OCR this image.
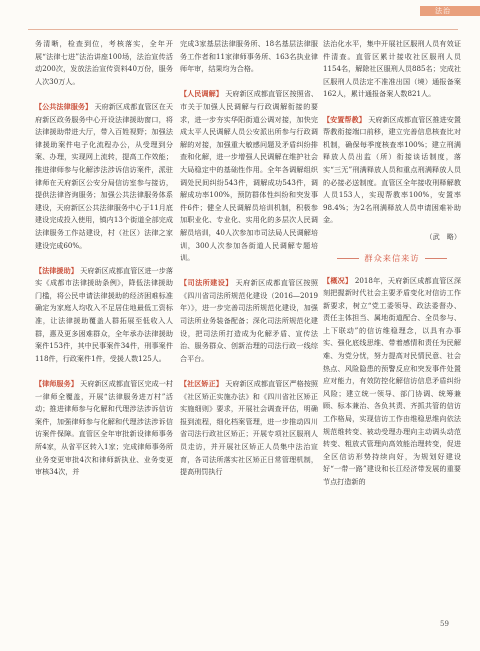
法治

务清晰，检查到位，考核落实，全年开展“法律七进”法治讲座100场，法治宣传活动200次，发放法治宣传资料40万份，服务人次30万人。

【公共法律服务】 天府新区成都直管区在天府新区政务服务中心开设法律援助窗口，将法律援助带进大厅，带入百姓视野；加强法律援助案件电子化流程办公，从受理到分案、办理，实现网上流转，提高工作效能；推进律师参与化解涉法涉诉信访案件，派驻律师在天府新区公安分局信访室参与接访，提供法律咨询服务；加强公共法律服务体系建设，天府新区公共法律服务中心于11月底建设完成投入使用，镇内13个街道全部完成法律服务工作站建设，村（社区）法律之家建设完成60%。

【法律援助】 天府新区成都直管区进一步落实《成都市法律援助条例》，降低法律援助门槛，将公民申请法律援助的经济困难标准确定为家庭人均收入不足居住地最低工资标准，让法律援助覆盖人群拓展至低收入人群，惠及更多困难群众，全年承办法律援助案件153件，其中民事案件34件，刑事案件118件，行政案件1件，受援人数125人。

【律师服务】 天府新区成都直管区完成一村一律师全覆盖，开展“法律服务进万村”活动；推进律师参与化解和代理涉法涉诉信访案件，加强律师参与化解和代理涉法涉诉信访案件保障。直管区全年审批新设律师事务所4家，从省平区转入1家；完成律师事务所业务变更审批4次和律师新执业、业务变更审核34次，并

完成3家基层法律服务所、18名基层法律服务工作者和11家律师事务所、163名执业律师年审，结果均为合格。

【人民调解】 天府新区成都直管区按照省、市关于加强人民调解与行政调解衔接的要求，进一步夯实华阳街道公调对接，加快完成太平人民调解人员公安派出所参与行政调解的对接，加强重大敏感问题及矛盾纠纷排查和化解，进一步增强人民调解在维护社会大局稳定中的基础性作用。全年各调解组织调处民间纠纷543件，调解成功543件，调解成功率100%，预防群体性纠纷和突发事件6件；健全人民调解员培训机制，积极参加职业化、专业化、实用化的多层次人民调解员培训，40人次参加市司法局人民调解培训，300人次参加各街道人民调解专题培训。

【司法所建设】 天府新区成都直管区按照《四川省司法所规范化建设（2016—2019年）》，进一步完善司法所规范化建设，加强司法所业务装备配备；深化司法所规范化建设，把司法所打造成为化解矛盾、宣传法治、服务群众、创新治理的司法行政一线综合平台。

【社区矫正】 天府新区成都直管区严格按照《社区矫正实施办法》和《四川省社区矫正实施细则》要求，开展社会调查评估，明确报到流程，细化档案管理，进一步推动四川省司法行政社区矫正；开展专项社区服刑人员走访，并开展社区矫正人员集中法治宣育，各司法所落实社区矫正日常管理机制，提高刑罚执行

法治化水平，集中开展社区服刑人员有效证件清查。直管区累计接收社区服刑人员1154名，解除社区服刑人员885名；完成社区服刑人员法定不准准出国（境）通报备案162人，累计通报备案人数821人。

【安置帮教】 天府新区成都直管区推进安置帮教衔接端口前移，建立完善信息核查比对机制，确保每季度核查率100%；建立刑满释放人员出监（所）衔接谈话制度，落实“三无”刑满释放人员和重点刑满释放人员的必接必送制度。直管区全年接收刑释解教人员153人，实现帮教率100%，安置率98.4%；为2名刑满释放人员申请困难补助金。

（武　略）

群众来信来访

【概况】 2018年，天府新区成都直管区深刻把握新时代社会主要矛盾变化对信访工作新要求，树立“党工委领导、政法委督办、责任主体担当、属地街道配合、全员参与、上下联动”的信访维稳理念，以具有办事实、强化底线思维、带着感情和责任为民解难、为党分忧，努力提高对民情民意、社会热点、风险隐患的预警反应和突发事件处置应对能力，有效防控化解信访信息矛盾纠纷风险；建立统一领导、部门协调、统筹兼顾、标本兼治、各负其责、齐抓共管的信访工作格局，实现信访工作由维稳思维向依法规范维转变、被动受理办理向主动调头动范转变、粗放式管理向高效能治理转变，促进全区信访形势持续向好，为规划好建设好“一带一路”建设和长江经济带发展的重要节点打造新的

59
